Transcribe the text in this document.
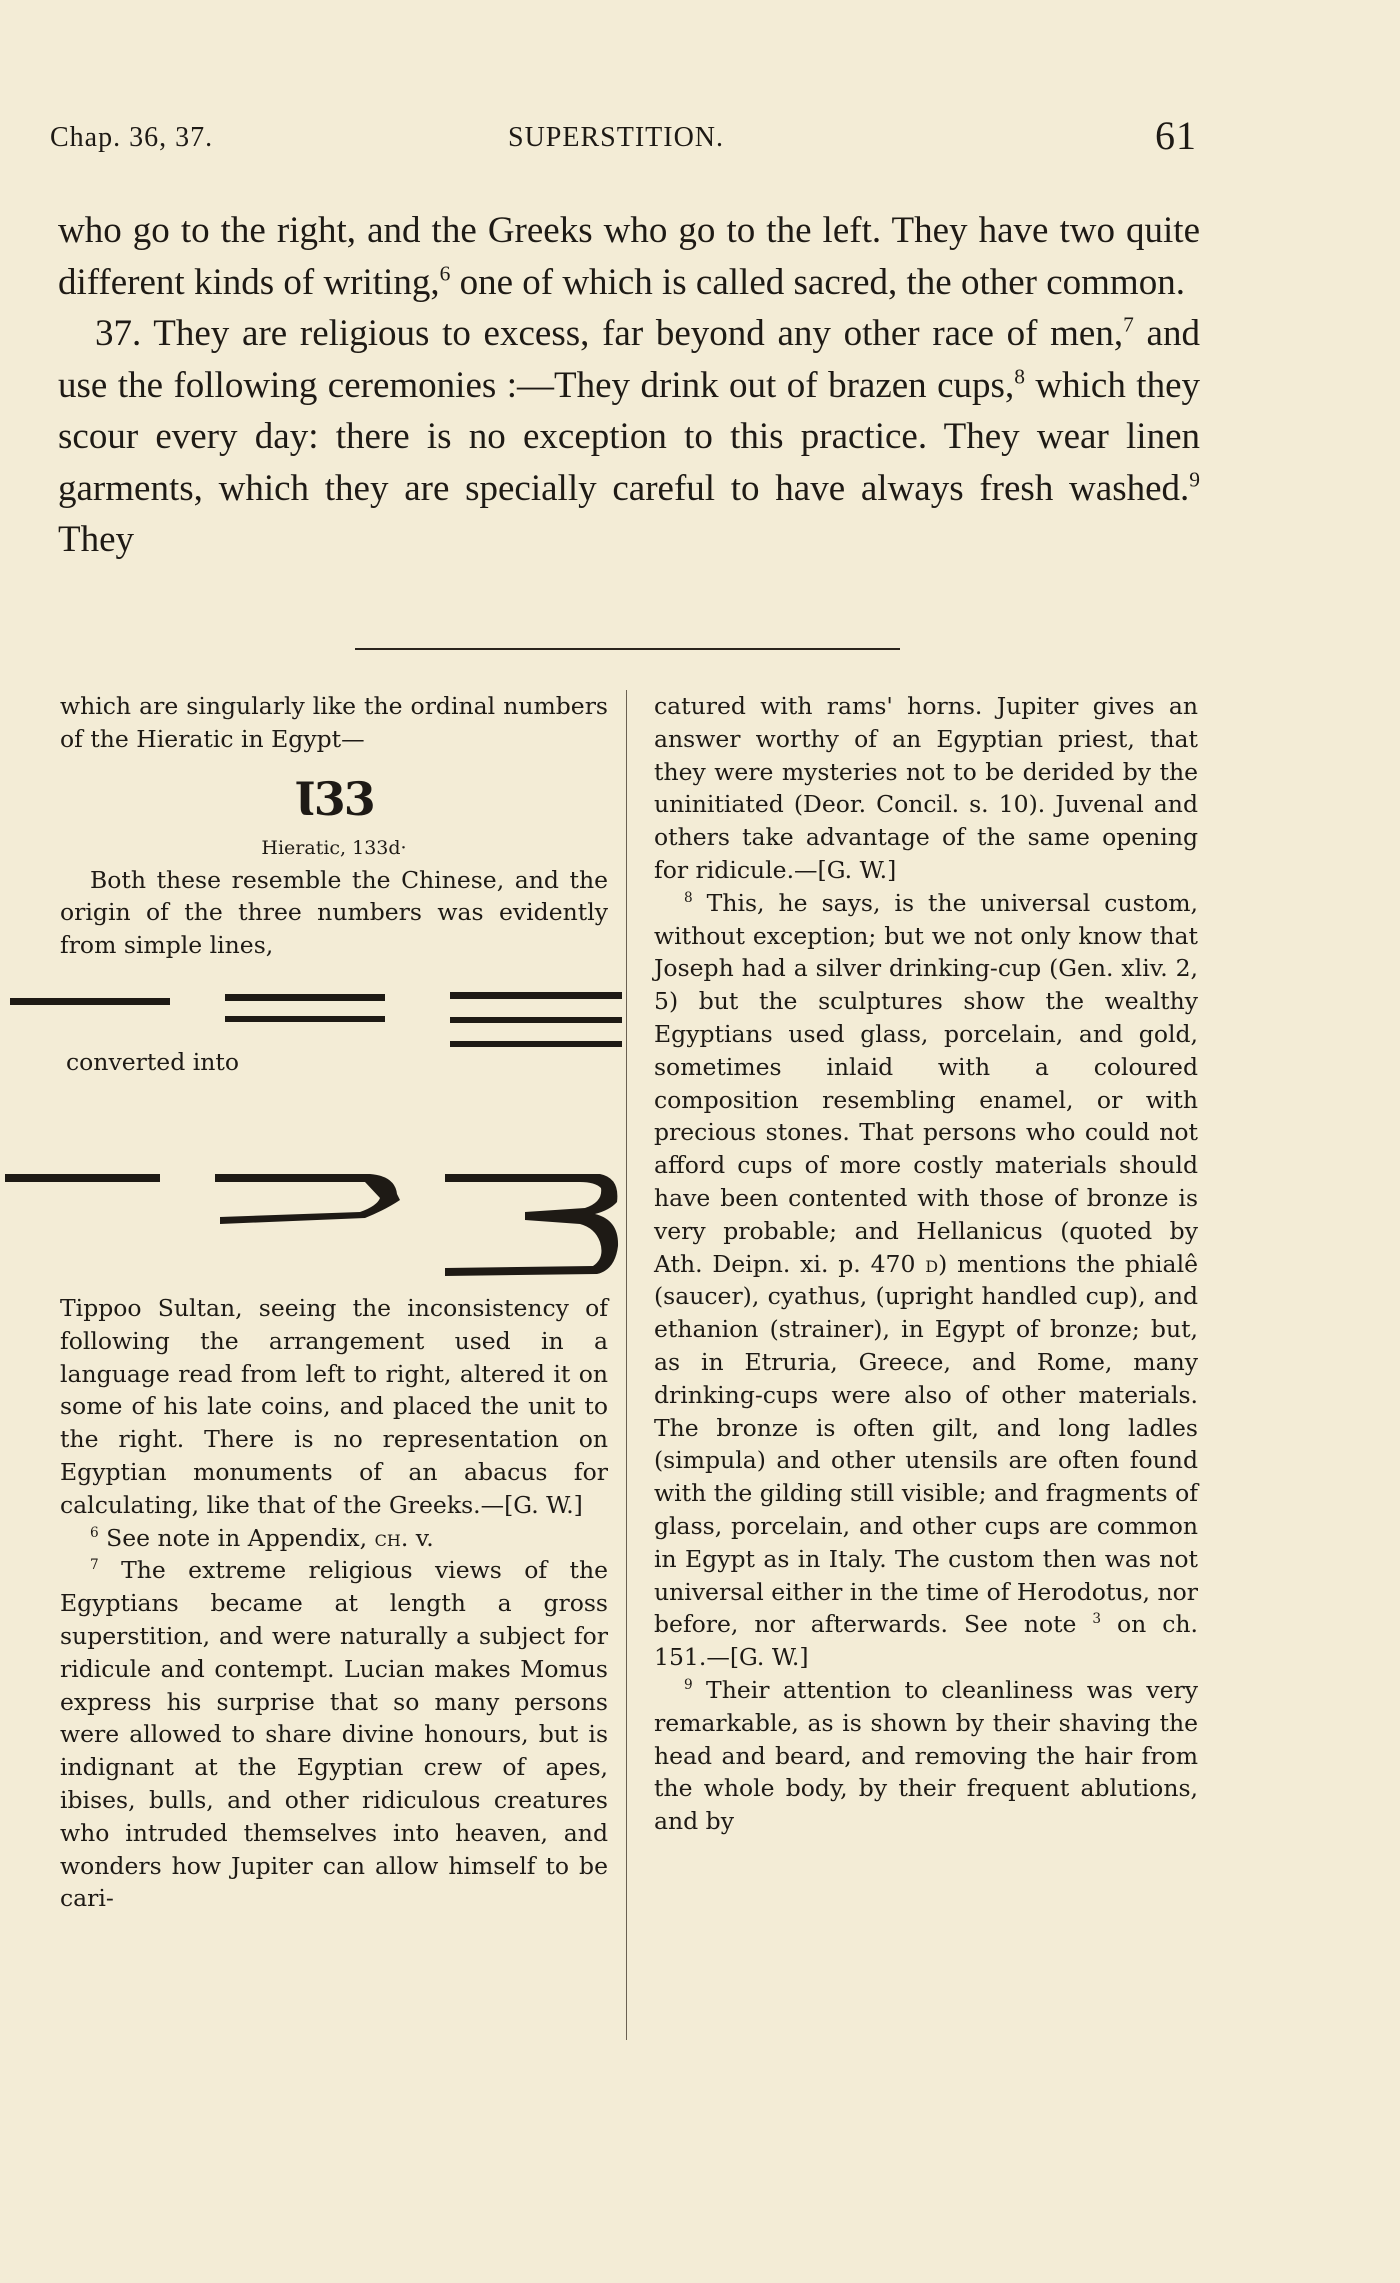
Chap. 36, 37.	SUPERSTITION.	61

who go to the right, and the Greeks who go to the left. They have two quite different kinds of writing,$^6$ one of which is called sacred, the other common.

37. They are religious to excess, far beyond any other race of men,$^7$ and use the following ceremonies :—They drink out of brazen cups,$^8$ which they scour every day: there is no exception to this practice. They wear linen garments, which they are specially careful to have always fresh washed.$^9$ They

which are singularly like the ordinal numbers of the Hieratic in Egypt—

Ɩ33
Hieratic, 133d·

Both these resemble the Chinese, and the origin of the three numbers was evidently from simple lines,

converted into

Tippoo Sultan, seeing the inconsistency of following the arrangement used in a language read from left to right, altered it on some of his late coins, and placed the unit to the right. There is no representation on Egyptian monuments of an abacus for calculating, like that of the Greeks.—[G. W.]

$^6$ See note in Appendix, ch. v.

$^7$ The extreme religious views of the Egyptians became at length a gross superstition, and were naturally a subject for ridicule and contempt. Lucian makes Momus express his surprise that so many persons were allowed to share divine honours, but is indignant at the Egyptian crew of apes, ibises, bulls, and other ridiculous creatures who intruded themselves into heaven, and wonders how Jupiter can allow himself to be cari-

catured with rams' horns. Jupiter gives an answer worthy of an Egyptian priest, that they were mysteries not to be derided by the uninitiated (Deor. Concil. s. 10). Juvenal and others take advantage of the same opening for ridicule.—[G. W.]

$^8$ This, he says, is the universal custom, without exception; but we not only know that Joseph had a silver drinking-cup (Gen. xliv. 2, 5) but the sculptures show the wealthy Egyptians used glass, porcelain, and gold, sometimes inlaid with a coloured composition resembling enamel, or with precious stones. That persons who could not afford cups of more costly materials should have been contented with those of bronze is very probable; and Hellanicus (quoted by Ath. Deipn. xi. p. 470 d) mentions the phialê (saucer), cyathus, (upright handled cup), and ethanion (strainer), in Egypt of bronze; but, as in Etruria, Greece, and Rome, many drinking-cups were also of other materials. The bronze is often gilt, and long ladles (simpula) and other utensils are often found with the gilding still visible; and fragments of glass, porcelain, and other cups are common in Egypt as in Italy. The custom then was not universal either in the time of Herodotus, nor before, nor afterwards. See note $^3$ on ch. 151.—[G. W.]

$^9$ Their attention to cleanliness was very remarkable, as is shown by their shaving the head and beard, and removing the hair from the whole body, by their frequent ablutions, and by
